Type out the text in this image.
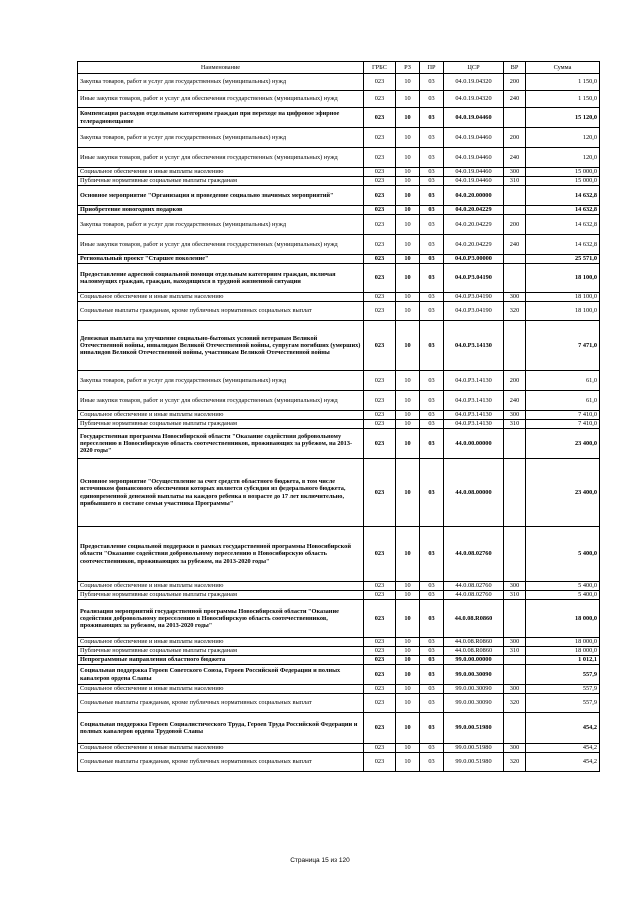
Наименование	ГРБС	РЗ	ПР	ЦСР	ВР	Сумма
Закупка товаров, работ и услуг для государственных (муниципальных) нужд	023	10	03	04.0.19.04320	200	1 150,0
Иные закупки товаров, работ и услуг для обеспечения государственных (муниципальных) нужд	023	10	03	04.0.19.04320	240	1 150,0
Компенсация расходов отдельным категориям граждан при переходе на цифровое эфирное телерадиовещание	023	10	03	04.0.19.04460		15 120,0
Закупка товаров, работ и услуг для государственных (муниципальных) нужд	023	10	03	04.0.19.04460	200	120,0
Иные закупки товаров, работ и услуг для обеспечения государственных (муниципальных) нужд	023	10	03	04.0.19.04460	240	120,0
Социальное обеспечение и иные выплаты населению	023	10	03	04.0.19.04460	300	15 000,0
Публичные нормативные социальные выплаты гражданам	023	10	03	04.0.19.04460	310	15 000,0
Основное мероприятие "Организация и проведение социально значимых мероприятий"	023	10	03	04.0.20.00000		14 632,8
Приобретение новогодних подарков	023	10	03	04.0.20.04229		14 632,8
Закупка товаров, работ и услуг для государственных (муниципальных) нужд	023	10	03	04.0.20.04229	200	14 632,8
Иные закупки товаров, работ и услуг для обеспечения государственных (муниципальных) нужд	023	10	03	04.0.20.04229	240	14 632,8
Региональный проект "Старшее поколение"	023	10	03	04.0.P3.00000		25 571,0
Предоставление адресной социальной помощи отдельным категориям граждан, включая малоимущих граждан, граждан, находящихся в трудной жизненной ситуации	023	10	03	04.0.P3.04190		18 100,0
Социальное обеспечение и иные выплаты населению	023	10	03	04.0.P3.04190	300	18 100,0
Социальные выплаты гражданам, кроме публичных нормативных социальных выплат	023	10	03	04.0.P3.04190	320	18 100,0
Денежная выплата на улучшение социально-бытовых условий ветеранам Великой Отечественной войны, инвалидам Великой Отечественной войны, супругам погибших (умерших) инвалидов Великой Отечественной войны, участникам Великой Отечественной войны	023	10	03	04.0.P3.14130		7 471,0
Закупка товаров, работ и услуг для государственных (муниципальных) нужд	023	10	03	04.0.P3.14130	200	61,0
Иные закупки товаров, работ и услуг для обеспечения государственных (муниципальных) нужд	023	10	03	04.0.P3.14130	240	61,0
Социальное обеспечение и иные выплаты населению	023	10	03	04.0.P3.14130	300	7 410,0
Публичные нормативные социальные выплаты гражданам	023	10	03	04.0.P3.14130	310	7 410,0
Государственная программа Новосибирской области "Оказание содействия добровольному переселению в Новосибирскую область соотечественников, проживающих за рубежом, на 2013-2020 годы"	023	10	03	44.0.00.00000		23 400,0
Основное мероприятие "Осуществление за счет средств областного бюджета, в том числе источником финансового обеспечения которых является субсидия из федерального бюджета, единовременной денежной выплаты на каждого ребенка в возрасте до 17 лет включительно, прибывшего в составе семьи участника Программы"	023	10	03	44.0.08.00000		23 400,0
Предоставление социальной поддержки в рамках государственной программы Новосибирской области "Оказание содействия добровольному переселению в Новосибирскую область соотечественников, проживающих за рубежом, на 2013-2020 годы"	023	10	03	44.0.08.02760		5 400,0
Социальное обеспечение и иные выплаты населению	023	10	03	44.0.08.02760	300	5 400,0
Публичные нормативные социальные выплаты гражданам	023	10	03	44.0.08.02760	310	5 400,0
Реализация мероприятий государственной программы Новосибирской области "Оказание содействия добровольному переселению в Новосибирскую область соотечественников, проживающих за рубежом, на 2013-2020 годы"	023	10	03	44.0.08.R0860		18 000,0
Социальное обеспечение и иные выплаты населению	023	10	03	44.0.08.R0860	300	18 000,0
Публичные нормативные социальные выплаты гражданам	023	10	03	44.0.08.R0860	310	18 000,0
Непрограммные направления областного бюджета	023	10	03	99.0.00.00000		1 012,1
Социальная поддержка Героев Советского Союза, Героев Российской Федерации и полных кавалеров ордена Славы	023	10	03	99.0.00.30090		557,9
Социальное обеспечение и иные выплаты населению	023	10	03	99.0.00.30090	300	557,9
Социальные выплаты гражданам, кроме публичных нормативных социальных выплат	023	10	03	99.0.00.30090	320	557,9
Социальная поддержка Героев Социалистического Труда, Героев Труда Российской Федерации и полных кавалеров ордена Трудовой Славы	023	10	03	99.0.00.51980		454,2
Социальное обеспечение и иные выплаты населению	023	10	03	99.0.00.51980	300	454,2
Социальные выплаты гражданам, кроме публичных нормативных социальных выплат	023	10	03	99.0.00.51980	320	454,2
Страница 15 из 120
